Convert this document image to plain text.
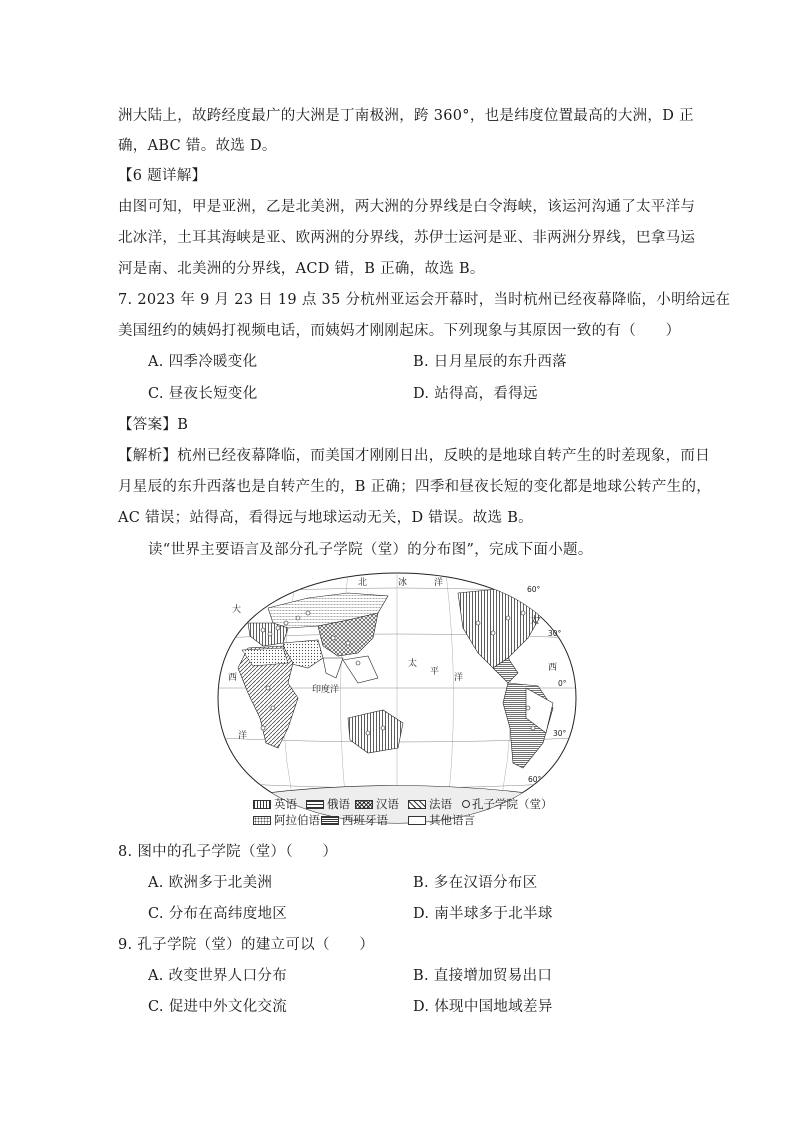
洲大陆上，故跨经度最广的大洲是丁南极洲，跨 360°，也是纬度位置最高的大洲，D 正
确，ABC 错。故选 D。
【6 题详解】
由图可知，甲是亚洲，乙是北美洲，两大洲的分界线是白令海峡，该运河沟通了太平洋与
北冰洋，土耳其海峡是亚、欧两洲的分界线，苏伊士运河是亚、非两洲分界线，巴拿马运
河是南、北美洲的分界线，ACD 错，B 正确，故选 B。
7. 2023 年 9 月 23 日 19 点 35 分杭州亚运会开幕时，当时杭州已经夜幕降临，小明给远在
美国纽约的姨妈打视频电话，而姨妈才刚刚起床。下列现象与其原因一致的有（　　）
A. 四季冷暖变化	B. 日月星辰的东升西落
C. 昼夜长短变化	D. 站得高，看得远
【答案】B
【解析】杭州已经夜幕降临，而美国才刚刚日出，反映的是地球自转产生的时差现象，而日
月星辰的东升西落也是自转产生的，B 正确；四季和昼夜长短的变化都是地球公转产生的，
AC 错误；站得高，看得远与地球运动无关，D 错误。故选 B。
读“世界主要语言及部分孔子学院（堂）的分布图”，完成下面小题。
北	冰	洋
大
西
洋
太
平
洋
太
西
印度洋
60°
30°
0°
30°
60°
英语	俄语 汉语	法语 孔子学院（堂）
阿拉伯语 西班牙语	其他语言
8. 图中的孔子学院（堂）（　　）
A. 欧洲多于北美洲	B. 多在汉语分布区
C. 分布在高纬度地区	D. 南半球多于北半球
9. 孔子学院（堂）的建立可以（　　）
A. 改变世界人口分布	B. 直接增加贸易出口
C. 促进中外文化交流	D. 体现中国地域差异
